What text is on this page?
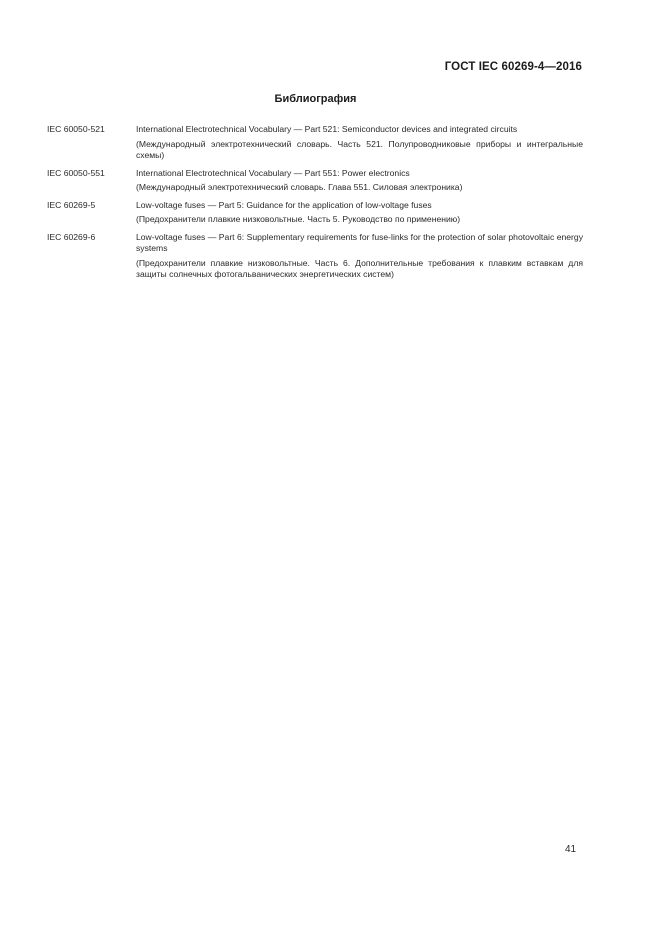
ГОСТ IEC 60269-4—2016
Библиография
IEC 60050-521	International Electrotechnical Vocabulary — Part 521: Semiconductor devices and integrated circuits

(Международный электротехнический словарь. Часть 521. Полупроводниковые приборы и интегральные схемы)

IEC 60050-551	International Electrotechnical Vocabulary — Part 551: Power electronics

(Международный электротехнический словарь. Глава 551. Силовая электроника)

IEC 60269-5	Low-voltage fuses — Part 5: Guidance for the application of low-voltage fuses

(Предохранители плавкие низковольтные. Часть 5. Руководство по применению)

IEC 60269-6	Low-voltage fuses — Part 6: Supplementary requirements for fuse-links for the protection of solar photovoltaic energy systems

(Предохранители плавкие низковольтные. Часть 6. Дополнительные требования к плавким вставкам для защиты солнечных фотогальванических энергетических систем)

41
